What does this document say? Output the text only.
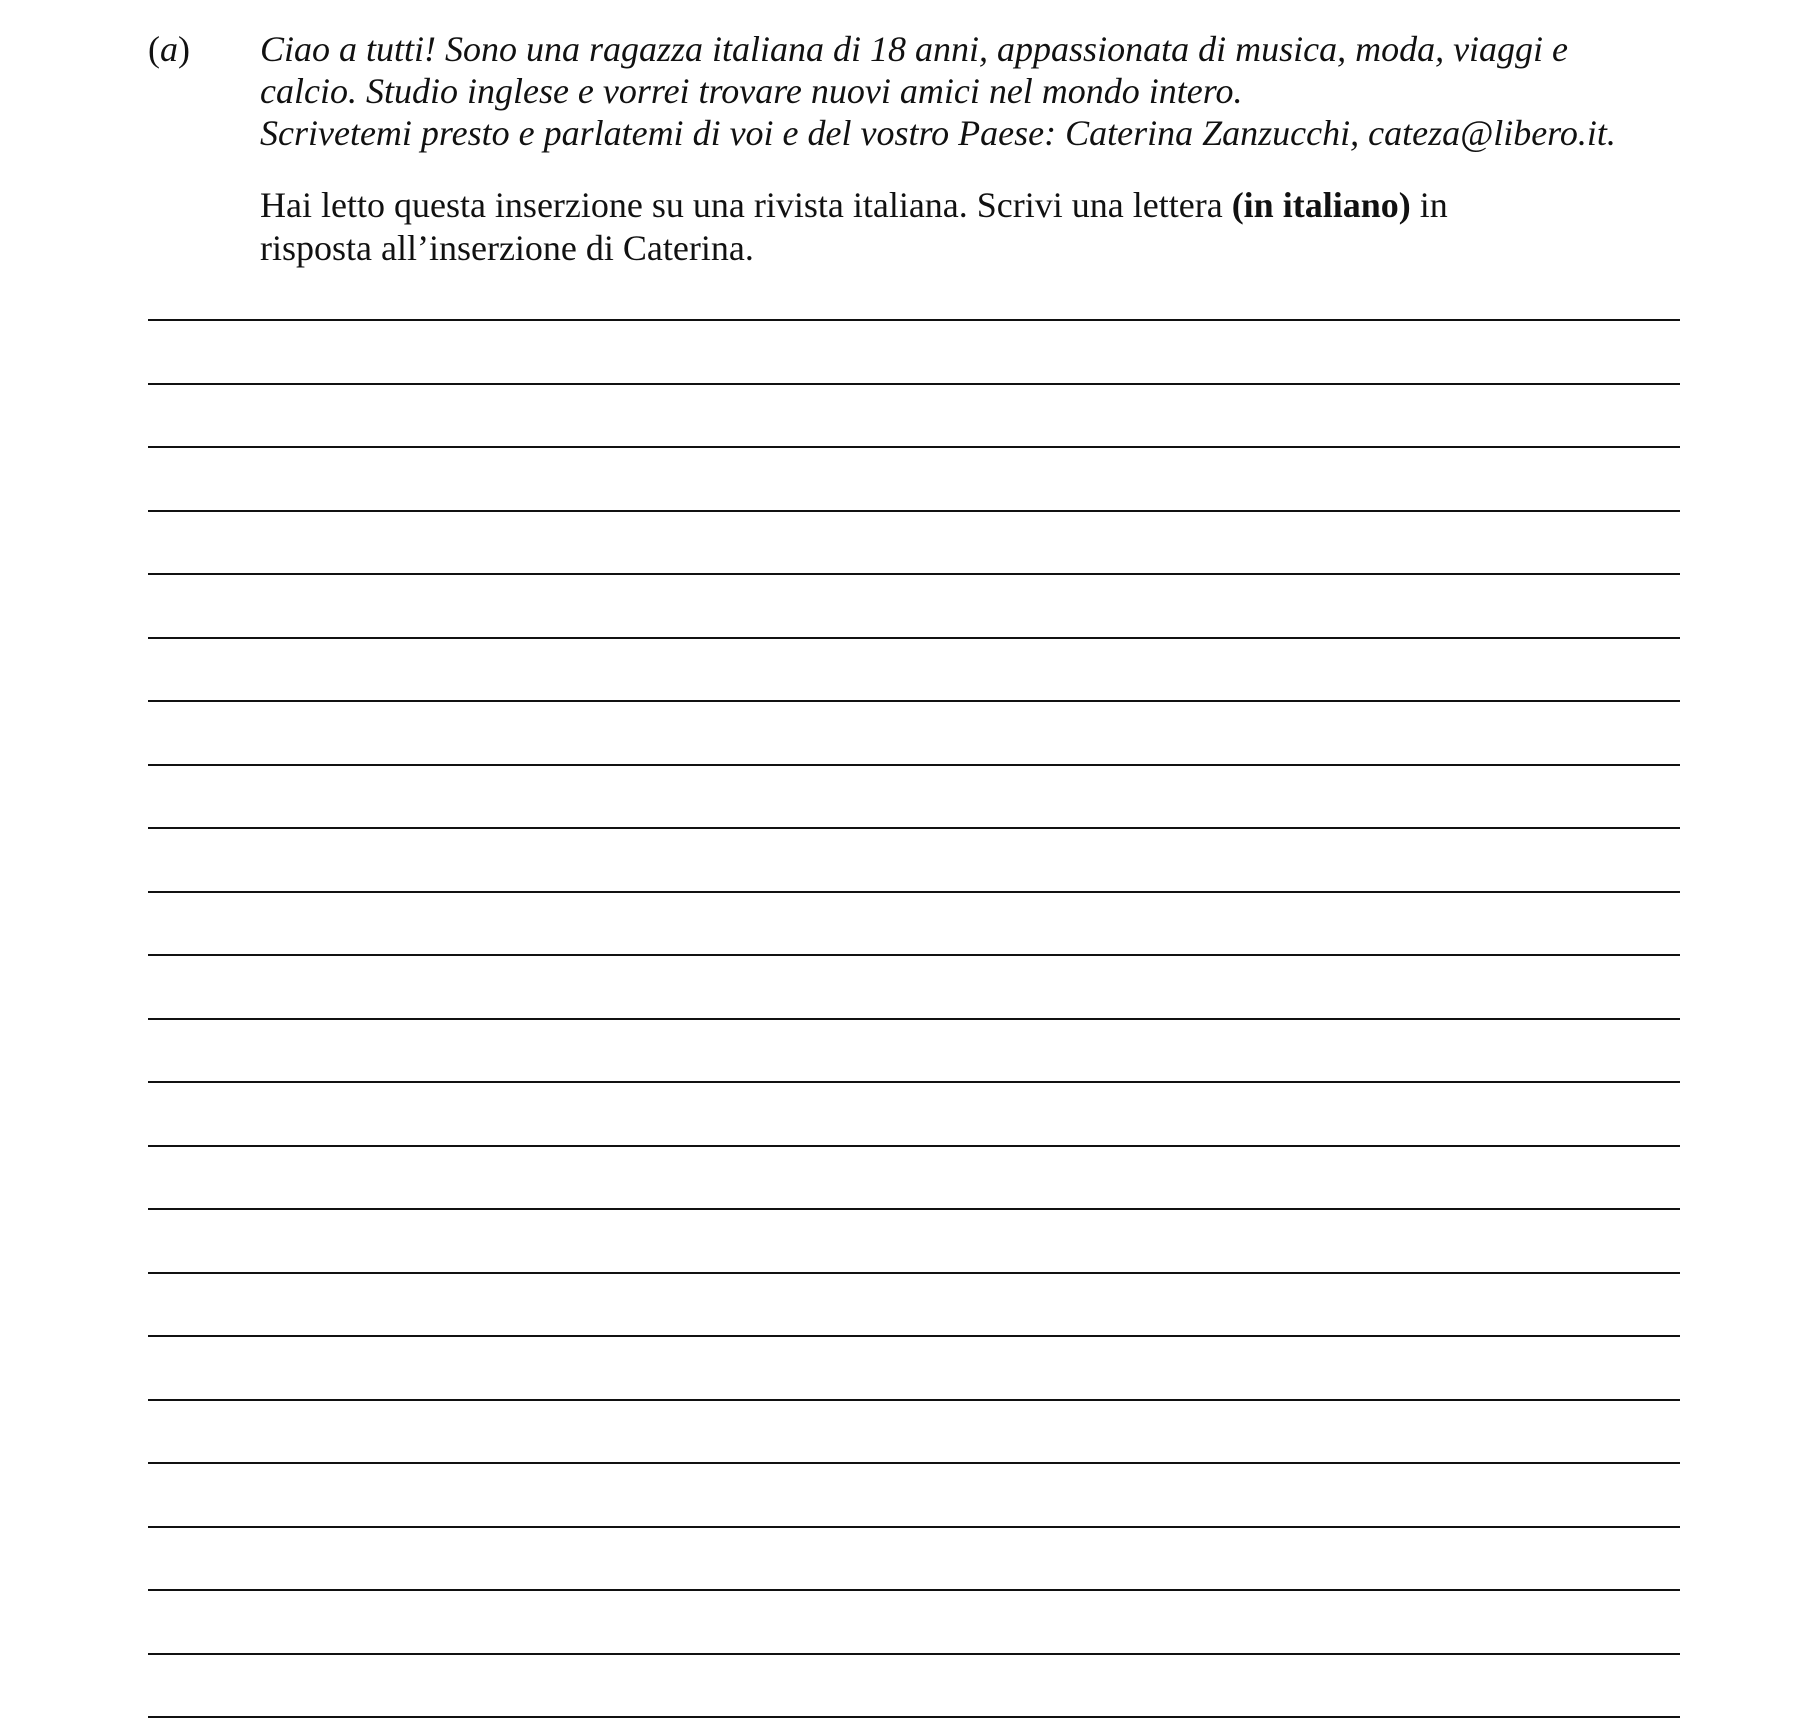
(a) Ciao a tutti! Sono una ragazza italiana di 18 anni, appassionata di musica, moda, viaggi e
calcio. Studio inglese e vorrei trovare nuovi amici nel mondo intero.
Scrivetemi presto e parlatemi di voi e del vostro Paese: Caterina Zanzucchi, cateza@libero.it.
Hai letto questa inserzione su una rivista italiana. Scrivi una lettera (in italiano) in
risposta all’inserzione di Caterina.
